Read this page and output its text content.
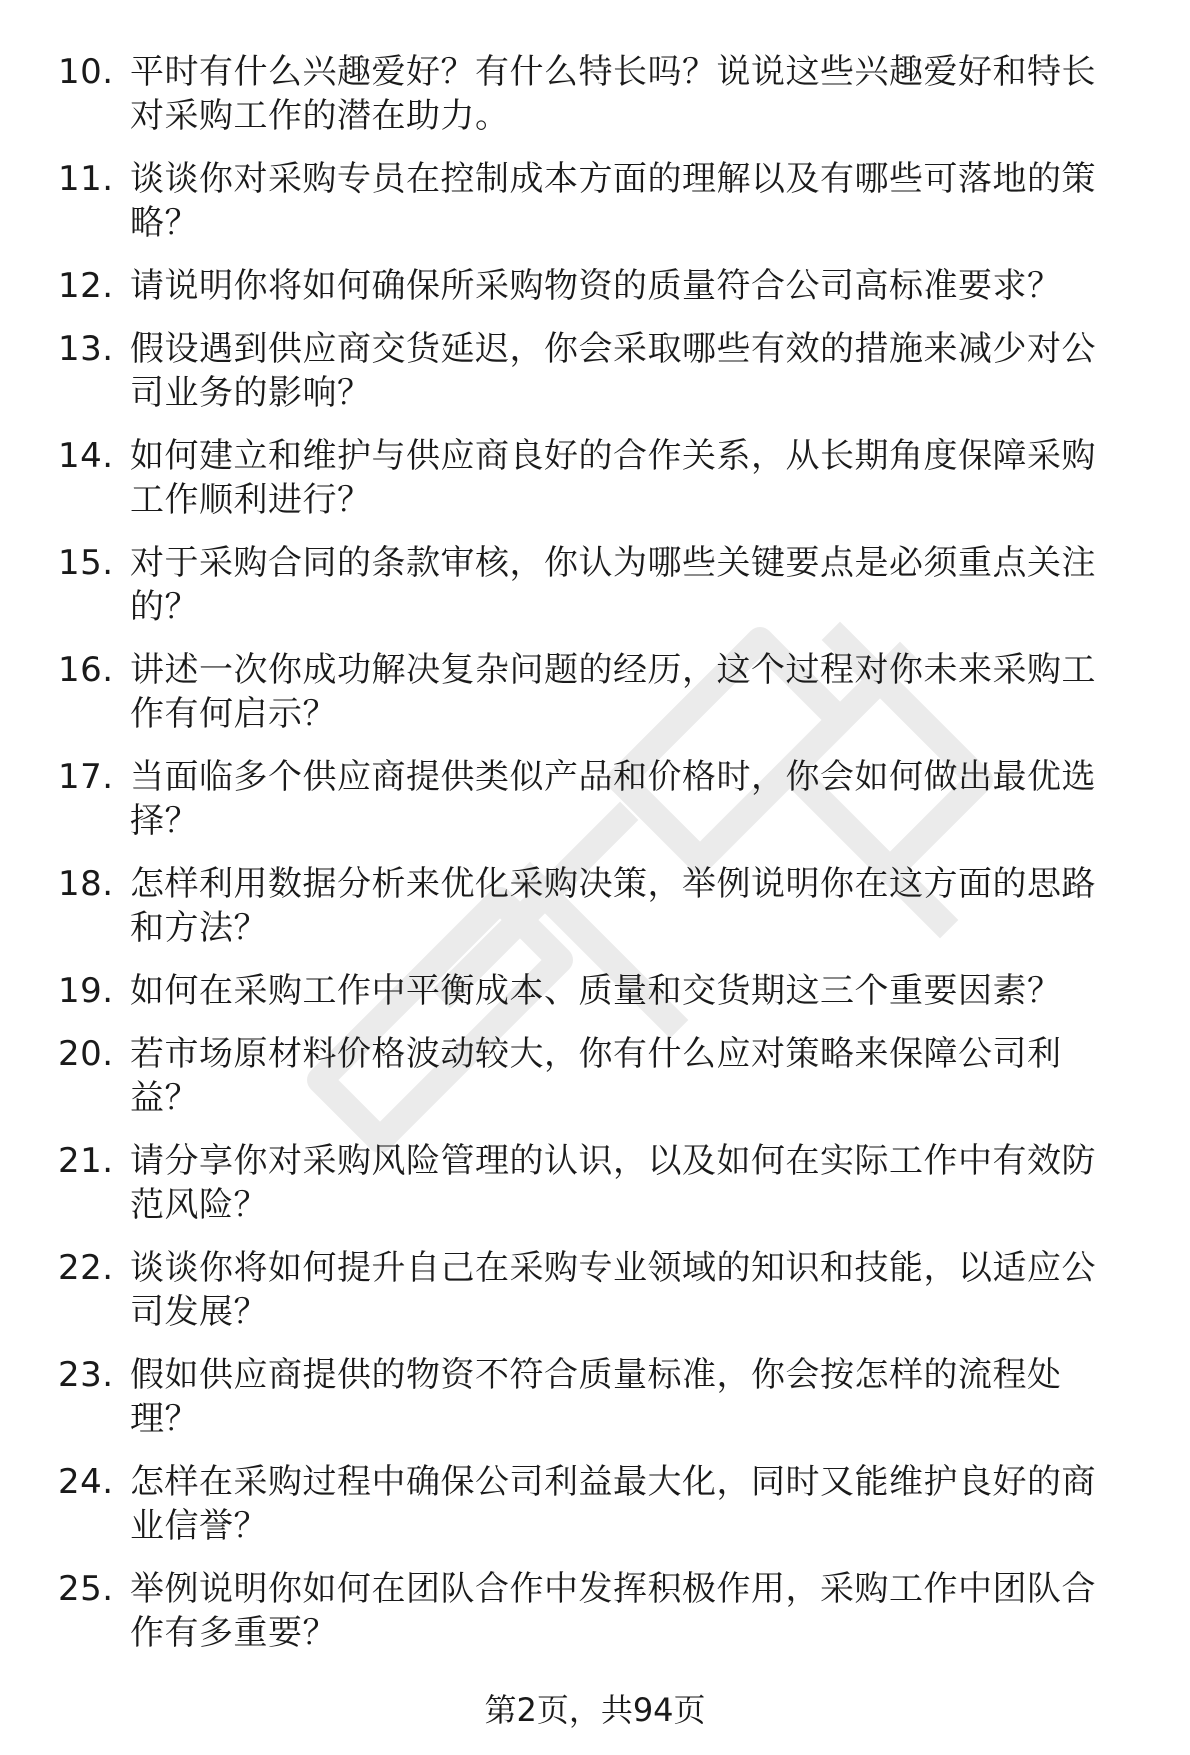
10. 平时有什么兴趣爱好？有什么特长吗？说说这些兴趣爱好和特长对采购工作的潜在助力。
11. 谈谈你对采购专员在控制成本方面的理解以及有哪些可落地的策略？
12. 请说明你将如何确保所采购物资的质量符合公司高标准要求？
13. 假设遇到供应商交货延迟，你会采取哪些有效的措施来减少对公司业务的影响？
14. 如何建立和维护与供应商良好的合作关系，从长期角度保障采购工作顺利进行？
15. 对于采购合同的条款审核，你认为哪些关键要点是必须重点关注的？
16. 讲述一次你成功解决复杂问题的经历，这个过程对你未来采购工作有何启示？
17. 当面临多个供应商提供类似产品和价格时，你会如何做出最优选择？
18. 怎样利用数据分析来优化采购决策，举例说明你在这方面的思路和方法？
19. 如何在采购工作中平衡成本、质量和交货期这三个重要因素？
20. 若市场原材料价格波动较大，你有什么应对策略来保障公司利益？
21. 请分享你对采购风险管理的认识，以及如何在实际工作中有效防范风险？
22. 谈谈你将如何提升自己在采购专业领域的知识和技能，以适应公司发展？
23. 假如供应商提供的物资不符合质量标准，你会按怎样的流程处理？
24. 怎样在采购过程中确保公司利益最大化，同时又能维护良好的商业信誉？
25. 举例说明你如何在团队合作中发挥积极作用，采购工作中团队合作有多重要？
第2页，共94页
